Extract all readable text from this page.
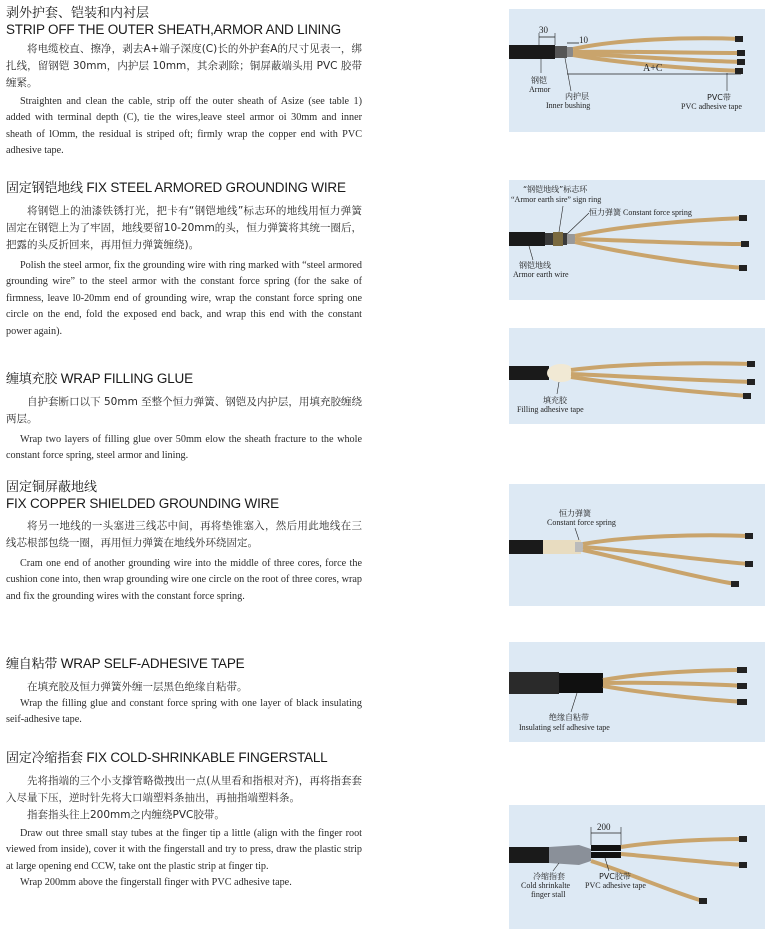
剥外护套、铠装和内衬层
STRIP OFF THE OUTER SHEATH,ARMOR AND LINING

将电缆校直、擦净，剥去A+端子深度(C)长的外护套A的尺寸见表一，绑扎线，留钢铠 30mm，内护层 10mm，其余剥除；铜屏蔽端头用 PVC 胶带缠紧。

Straighten and clean the cable, strip off the outer sheath of Asize (see table 1) added with terminal depth (C), tie the wires,leave steel armor oi 30mm and inner sheath of lOmm, the residual is striped oft; firmly wrap the copper end with PVC adhesive tape.

固定钢铠地线 FIX STEEL ARMORED GROUNDING WIRE

将钢铠上的油漆铁锈打光，把卡有“钢铠地线”标志环的地线用恒力弹簧固定在钢铠上为了牢固，地线要留10-20mm的头，恒力弹簧将其统一圈后，把露的头反折回来，再用恒力弹簧缠绕)。

Polish the steel armor, fix the grounding wire with ring marked with “steel armored grounding wire” to the steel armor with the constant force spring (for the sake of firmness, leave l0-20mm end of grounding wire, wrap the constant force spring one circle on the end, fold the exposed end back, and wrap this end with the constant power again).

缠填充胶 WRAP FILLING GLUE

自护套断口以下 50mm 至整个恒力弹簧、钢铠及内护层，用填充胶缠绕两层。

Wrap two layers of filling glue over 50mm elow the sheath fracture to the whole constant force spring, steel armor and lining.

固定铜屏蔽地线
FIX COPPER SHIELDED GROUNDING WIRE

将另一地线的一头塞进三线芯中间，再将垫锥塞入，然后用此地线在三线芯根部包绕一圈，再用恒力弹簧在地线外环绕固定。

Cram one end of another grounding wire into the middle of three cores, force the cushion cone into, then wrap grounding wire one circle on the root of three cores, wrap and fix the grounding wires with the constant force spring.

缠自粘带 WRAP SELF-ADHESIVE TAPE

在填充胶及恒力弹簧外缠一层黑色绝缘自粘带。

Wrap the filling glue and constant force spring with one layer of black insulating seif-adhesive tape.

固定冷缩指套 FIX COLD-SHRINKABLE FINGERSTALL

先将指端的三个小支撑管略微拽出一点(从里看和指根对齐)，再将指套套入尽量下压，逆时针先将大口端塑料条抽出，再抽指端塑料条。

指套指头往上200mm之内缠绕PVC胶带。

Draw out three small stay tubes at the finger tip a little (align with the finger root viewed from inside), cover it with the fingerstall and try to press, draw the plastic strip at large opening end CCW, take ont the plastic strip at finger tip.

Wrap 200mm above the fingerstall finger with PVC adhesive tape.

30
10
A+C
钢铠
Armor
内护层
Inner bushing
PVC带
PVC adhesive tape
“钢铠地线”标志环
“Armor earth sire” sign ring
恒力弹簧 Constant force spring
钢铠地线
Armor earth wire
填充胶
Filling adhesive tape
恒力弹簧
Constant force spring
绝缘自粘带
Insulating self adhesive tape
200
冷缩指套
Cold shrinkalte
finger stall
PVC胶带
PVC adhesive tape
